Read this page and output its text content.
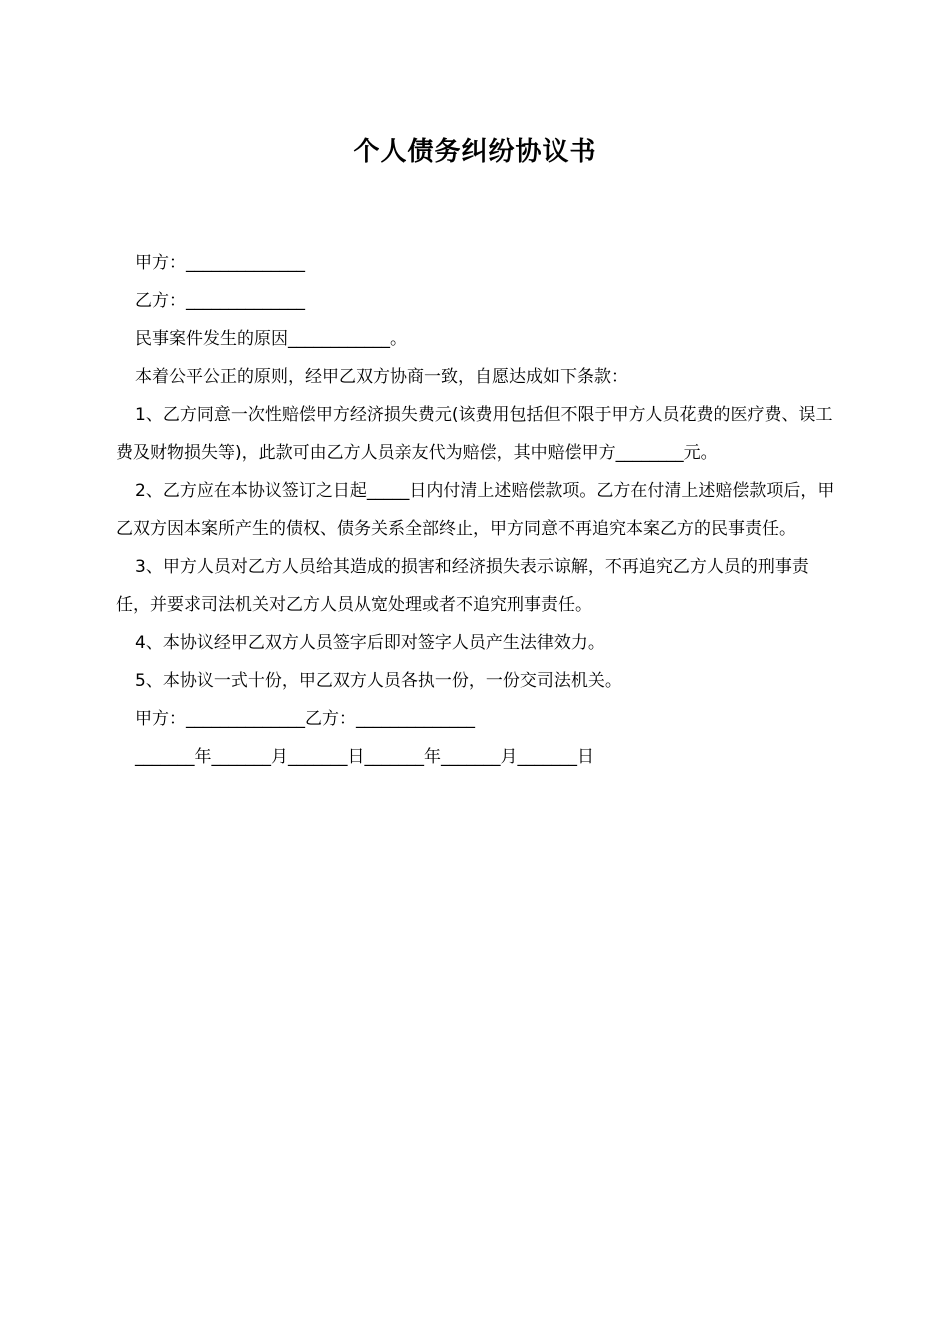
个人债务纠纷协议书

甲方：______________

乙方：______________

民事案件发生的原因____________。

本着公平公正的原则，经甲乙双方协商一致，自愿达成如下条款：

1、乙方同意一次性赔偿甲方经济损失费元(该费用包括但不限于甲方人员花费的医疗费、误工费及财物损失等)，此款可由乙方人员亲友代为赔偿，其中赔偿甲方________元。

2、乙方应在本协议签订之日起_____日内付清上述赔偿款项。乙方在付清上述赔偿款项后，甲乙双方因本案所产生的债权、债务关系全部终止，甲方同意不再追究本案乙方的民事责任。

3、甲方人员对乙方人员给其造成的损害和经济损失表示谅解，不再追究乙方人员的刑事责任，并要求司法机关对乙方人员从宽处理或者不追究刑事责任。

4、本协议经甲乙双方人员签字后即对签字人员产生法律效力。

5、本协议一式十份，甲乙双方人员各执一份，一份交司法机关。

甲方：______________乙方：______________

_______年_______月_______日_______年_______月_______日
